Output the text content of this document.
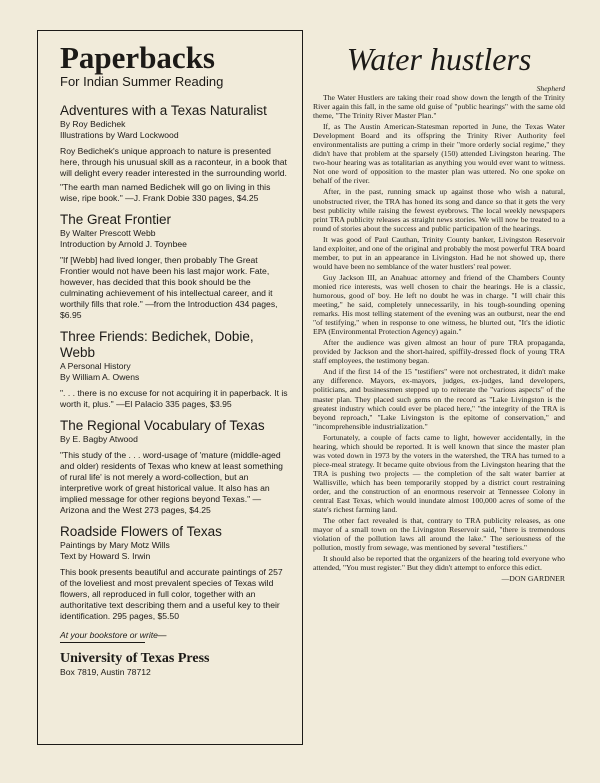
Paperbacks
For Indian Summer Reading
Adventures with a Texas Naturalist
By Roy Bedichek
Illustrations by Ward Lockwood
Roy Bedichek's unique approach to nature is presented here, through his unusual skill as a raconteur, in a book that will delight every reader interested in the surrounding world.
"The earth man named Bedichek will go on living in this wise, ripe book." —J. Frank Dobie 330 pages, $4.25
The Great Frontier
By Walter Prescott Webb
Introduction by Arnold J. Toynbee
"If [Webb] had lived longer, then probably The Great Frontier would not have been his last major work. Fate, however, has decided that this book should be the culminating achievement of his intellectual career, and it worthily fills that role." —from the Introduction 434 pages, $6.95
Three Friends: Bedichek, Dobie, Webb
A Personal History
By William A. Owens
". . . there is no excuse for not acquiring it in paperback. It is worth it, plus." —El Palacio 335 pages, $3.95
The Regional Vocabulary of Texas
By E. Bagby Atwood
"This study of the . . . word-usage of 'mature (middle-aged and older) residents of Texas who knew at least something of rural life' is not merely a word-collection, but an interpretive work of great historical value. It also has an implied message for other regions beyond Texas." —Arizona and the West 273 pages, $4.25
Roadside Flowers of Texas
Paintings by Mary Motz Wills
Text by Howard S. Irwin
This book presents beautiful and accurate paintings of 257 of the loveliest and most prevalent species of Texas wild flowers, all reproduced in full color, together with an authoritative text describing them and a useful key to their identification. 295 pages, $5.50
At your bookstore or write—
University of Texas Press
Box 7819, Austin 78712
Water hustlers
Shepherd

The Water Hustlers are taking their road show down the length of the Trinity River again this fall, in the same old guise of "public hearings" with the same old theme, "The Trinity River Master Plan."

If, as The Austin American-Statesman reported in June, the Texas Water Development Board and its offspring the Trinity River Authority feel environmentalists are putting a crimp in their "more orderly social regime," they didn't have that problem at the sparsely (150) attended Livingston hearing. The two-hour hearing was as totalitarian as anything you would ever want to witness. Not one word of opposition to the master plan was uttered. No one spoke on behalf of the river.

After, in the past, running smack up against those who wish a natural, unobstructed river, the TRA has honed its song and dance so that it gets the very best publicity while raising the fewest eyebrows. The local weekly newspapers print TRA publicity releases as straight news stories. We will now be treated to a round of stories about the success and public participation of the hearings.

It was good of Paul Cauthan, Trinity County banker, Livingston Reservoir land exploiter, and one of the original and probably the most powerful TRA board member, to put in an appearance in Livingston. Had he not showed up, there would have been no semblance of the water hustlers' real power.

Guy Jackson III, an Anahuac attorney and friend of the Chambers County monied rice interests, was well chosen to chair the hearings. He is a classic, humorous, good ol' boy. He left no doubt he was in charge. "I will chair this meeting," he said, completely unnecessarily, in his tough-sounding opening remarks. His most telling statement of the evening was an outburst, near the end "of testifying," when in response to one witness, he blurted out, "It's the idiotic EPA (Environmental Protection Agency) again."

After the audience was given almost an hour of pure TRA propaganda, provided by Jackson and the short-haired, spiffily-dressed flock of young TRA staff employees, the testimony began.

And if the first 14 of the 15 "testifiers" were not orchestrated, it didn't make any difference. Mayors, ex-mayors, judges, ex-judges, land developers, politicians, and businessmen stepped up to reiterate the "various aspects" of the master plan. They placed such gems on the record as "Lake Livingston is the greatest industry which could ever be placed here," "the integrity of the TRA is beyond reproach," "Lake Livingston is the epitome of conservation," and "incomprehensible industrialization."

Fortunately, a couple of facts came to light, however accidentally, in the hearing, which should be reported. It is well known that since the master plan was voted down in 1973 by the voters in the watershed, the TRA has turned to a piece-meal strategy. It became quite obvious from the Livingston hearing that the TRA is pushing two projects — the completion of the salt water barrier at Wallisville, which has been temporarily stopped by a district court restraining order, and the construction of an enormous reservoir at Tennessee Colony in central East Texas, which would inundate almost 100,000 acres of some of the state's richest farming land.

The other fact revealed is that, contrary to TRA publicity releases, as one mayor of a small town on the Livingston Reservoir said, "there is tremendous violation of the pollution laws all around the lake." The seriousness of the pollution, mostly from sewage, was mentioned by several "testifiers."

It should also be reported that the organizers of the hearing told everyone who attended, "You must register." But they didn't attempt to enforce this edict.

—DON GARDNER
